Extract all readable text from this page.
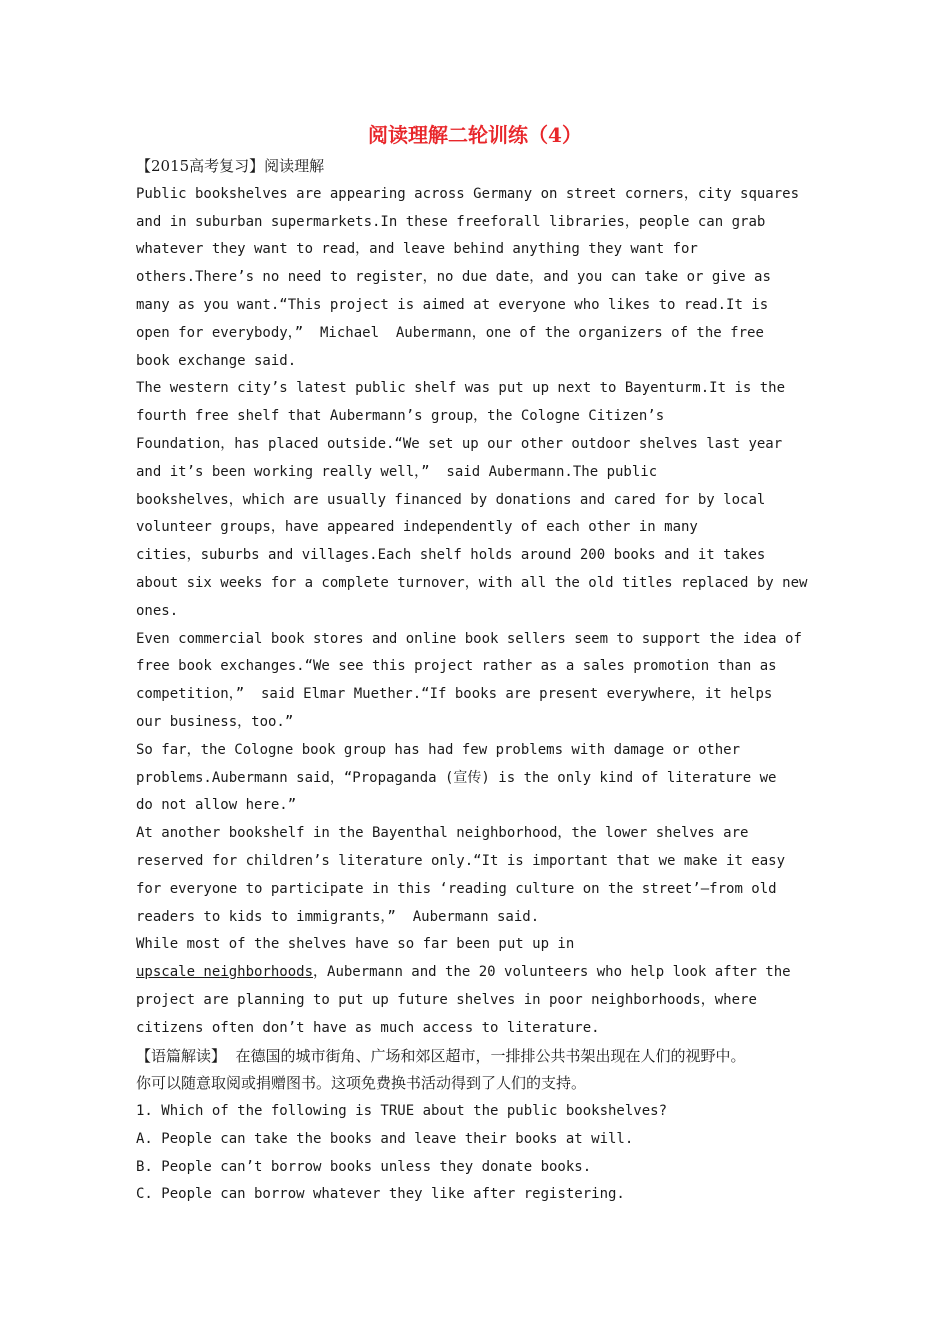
阅读理解二轮训练（4）
【2015高考复习】阅读理解
Public bookshelves are appearing across Germany on street corners，city squares
and in suburban supermarkets.In these freeforall libraries，people can grab
whatever they want to read，and leave behind anything they want for
others.There’s no need to register，no due date，and you can take or give as
many as you want.“This project is aimed at everyone who likes to read.It is
open for everybody，”  Michael  Aubermann，one of the organizers of the free
book exchange said.
The western city’s latest public shelf was put up next to Bayenturm.It is the
fourth free shelf that Aubermann’s group，the Cologne Citizen’s
Foundation，has placed outside.“We set up our other outdoor shelves last year
and it’s been working really well，”  said Aubermann.The public
bookshelves，which are usually financed by donations and cared for by local
volunteer groups，have appeared independently of each other in many
cities，suburbs and villages.Each shelf holds around 200 books and it takes
about six weeks for a complete turnover，with all the old titles replaced by new
ones.
Even commercial book stores and online book sellers seem to support the idea of
free book exchanges.“We see this project rather as a sales promotion than as
competition，”  said Elmar Muether.“If books are present everywhere，it helps
our business，too.”
So far，the Cologne book group has had few problems with damage or other
problems.Aubermann said，“Propaganda (宣传) is the only kind of literature we
do not allow here.”
At another bookshelf in the Bayenthal neighborhood，the lower shelves are
reserved for children’s literature only.“It is important that we make it easy
for everyone to participate in this ‘reading culture on the street’—from old
readers to kids to immigrants，”  Aubermann said.
While most of the shelves have so far been put up in
upscale neighborhoods，Aubermann and the 20 volunteers who help look after the
project are planning to put up future shelves in poor neighborhoods，where
citizens often don’t have as much access to literature.
【语篇解读】  在德国的城市街角、广场和郊区超市，一排排公共书架出现在人们的视野中。
你可以随意取阅或捐赠图书。这项免费换书活动得到了人们的支持。
1. Which of the following is TRUE about the public bookshelves?
A. People can take the books and leave their books at will.
B. People can’t borrow books unless they donate books.
C. People can borrow whatever they like after registering.
